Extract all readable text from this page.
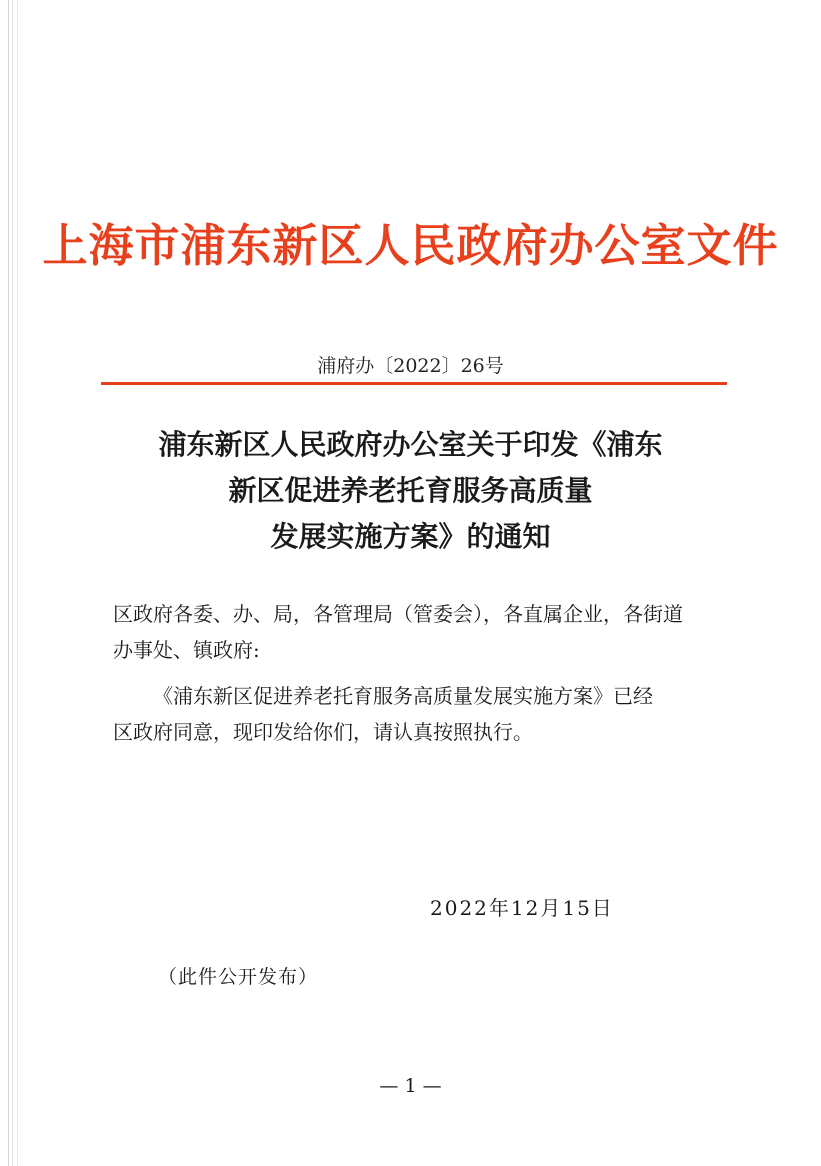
上海市浦东新区人民政府办公室文件
浦府办〔2022〕26号
浦东新区人民政府办公室关于印发《浦东
新区促进养老托育服务高质量
发展实施方案》的通知
区政府各委、办、局，各管理局（管委会），各直属企业，各街道
办事处、镇政府:
《浦东新区促进养老托育服务高质量发展实施方案》已经
区政府同意，现印发给你们，请认真按照执行。
2022年12月15日
（此件公开发布）
— 1 —
